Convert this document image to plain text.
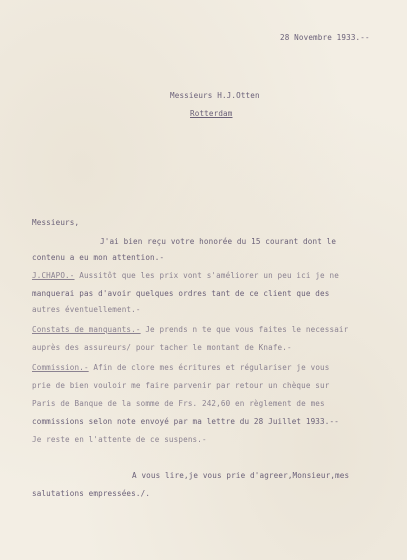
28 Novembre 1933.--
Messieurs H.J.Otten
Rotterdam
Messieurs,
J'ai bien reçu votre honorée du 15 courant dont le
contenu a eu mon attention.-
J.CHAPO.- Aussitôt que les prix vont s'améliorer un peu ici je ne
manquerai pas d'avoir quelques ordres tant de ce client que des
autres éventuellement.-
Constats de manquants.- Je prends n te que vous faites le necessair
auprès des assureurs/ pour tacher le montant de Knafe.-
Commission.- Afin de clore mes écritures et régulariser je vous
prie de bien vouloir me faire parvenir par retour un chèque sur
Paris de Banque de la somme de Frs. 242,60 en règlement de mes
commissions selon note envoyé par ma lettre du 28 Juillet 1933.--
Je reste en l'attente de ce suspens.-
A vous lire,je vous prie d'agreer,Monsieur,mes
salutations empressées./.
